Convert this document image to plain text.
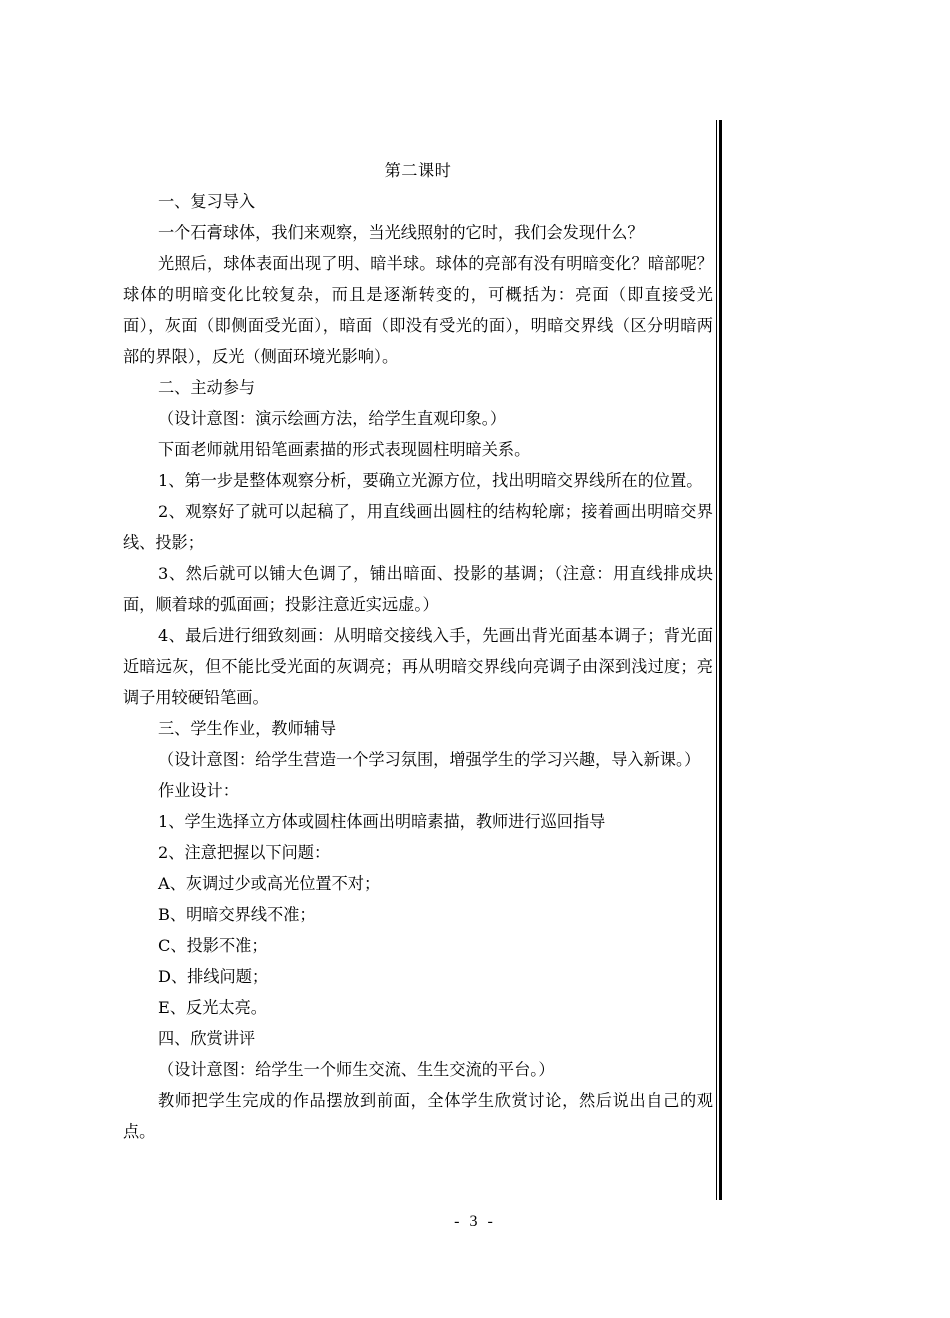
第二课时

一、复习导入

一个石膏球体，我们来观察，当光线照射的它时，我们会发现什么？

光照后，球体表面出现了明、暗半球。球体的亮部有没有明暗变化？暗部呢？球体的明暗变化比较复杂，而且是逐渐转变的，可概括为：亮面（即直接受光面），灰面（即侧面受光面），暗面（即没有受光的面），明暗交界线（区分明暗两部的界限），反光（侧面环境光影响）。

二、主动参与

（设计意图：演示绘画方法，给学生直观印象。）

下面老师就用铅笔画素描的形式表现圆柱明暗关系。

1、第一步是整体观察分析，要确立光源方位，找出明暗交界线所在的位置。

2、观察好了就可以起稿了，用直线画出圆柱的结构轮廓；接着画出明暗交界线、投影；

3、然后就可以铺大色调了，铺出暗面、投影的基调；（注意：用直线排成块面，顺着球的弧面画；投影注意近实远虚。）

4、最后进行细致刻画：从明暗交接线入手，先画出背光面基本调子；背光面近暗远灰，但不能比受光面的灰调亮；再从明暗交界线向亮调子由深到浅过度；亮调子用较硬铅笔画。

三、学生作业，教师辅导

（设计意图：给学生营造一个学习氛围，增强学生的学习兴趣，导入新课。）

作业设计：

1、学生选择立方体或圆柱体画出明暗素描，教师进行巡回指导

2、注意把握以下问题：

A、灰调过少或高光位置不对；

B、明暗交界线不准；

C、投影不准；

D、排线问题；

E、反光太亮。

四、欣赏讲评

（设计意图：给学生一个师生交流、生生交流的平台。）

教师把学生完成的作品摆放到前面，全体学生欣赏讨论，然后说出自己的观点。

- 3 -
